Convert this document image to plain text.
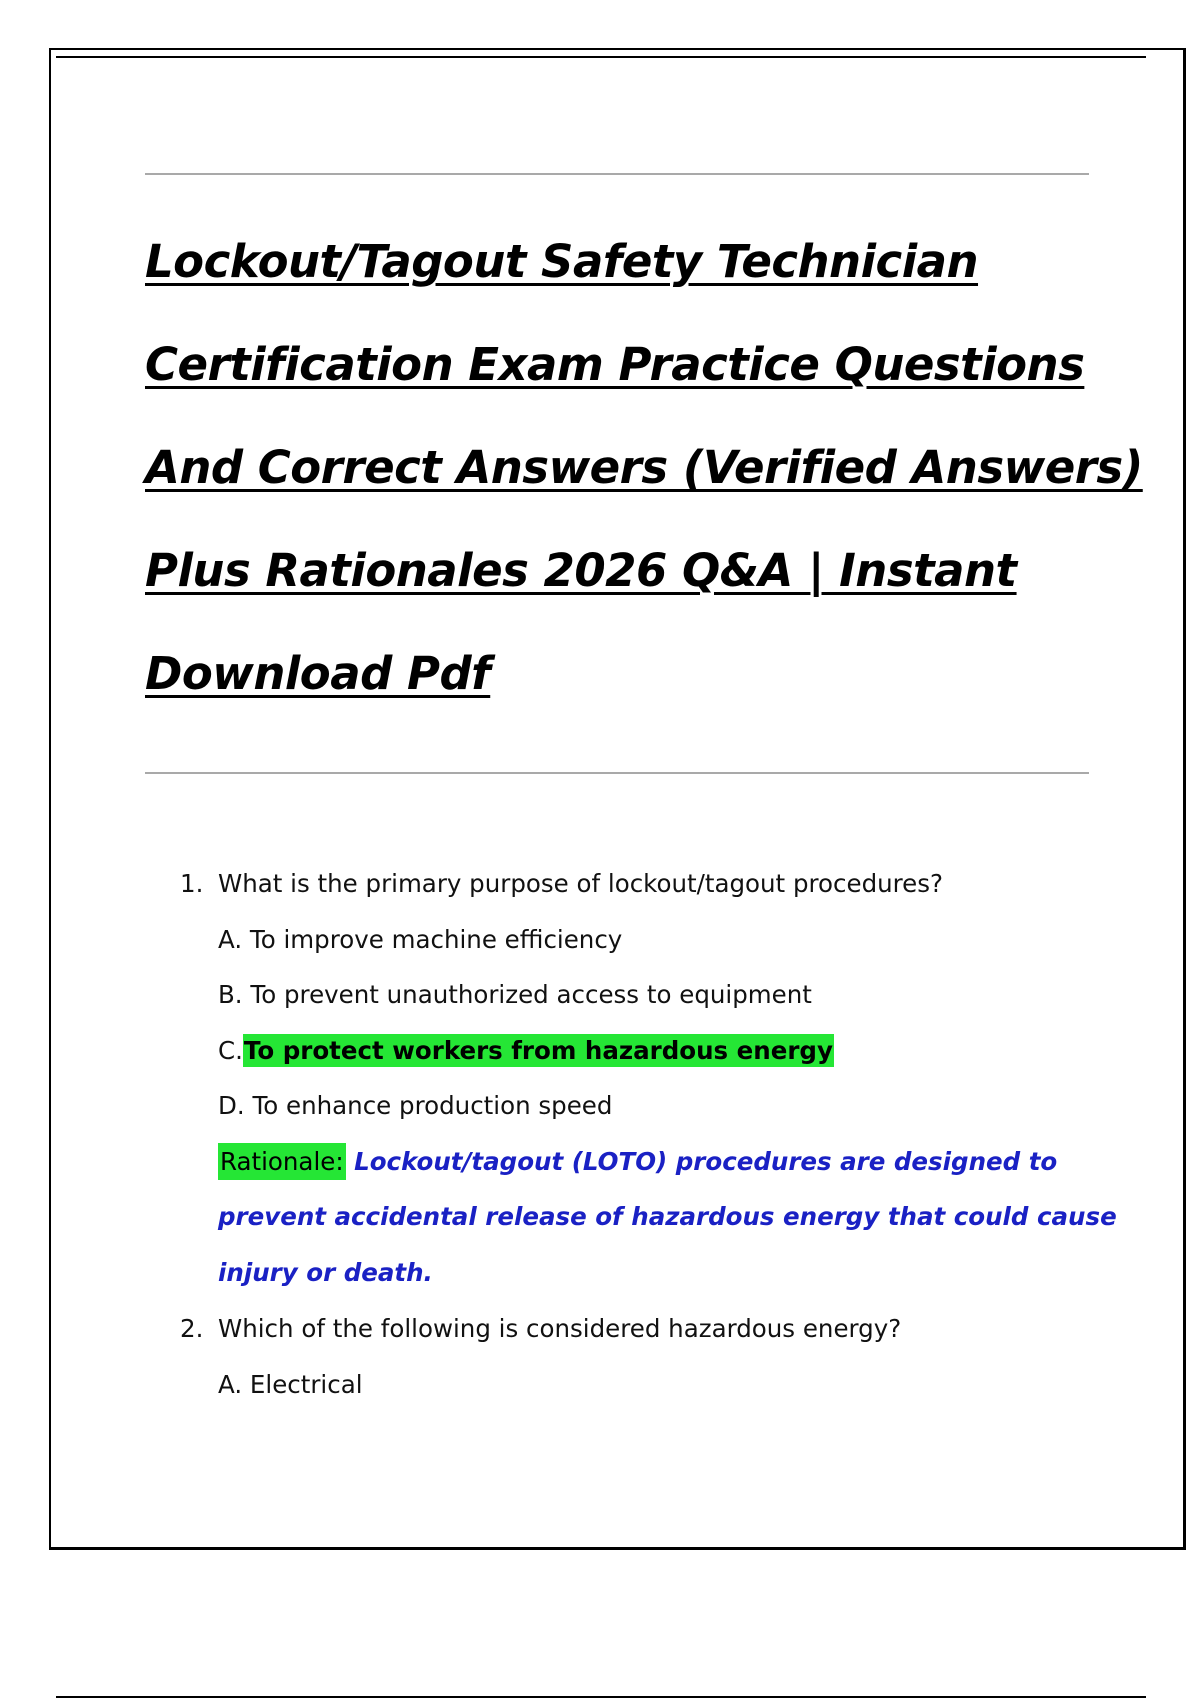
Lockout/Tagout Safety Technician
Certification Exam Practice Questions
And Correct Answers (Verified Answers)
Plus Rationales 2026 Q&A | Instant
Download Pdf
1. What is the primary purpose of lockout/tagout procedures?
A. To improve machine efficiency
B. To prevent unauthorized access to equipment
C.To protect workers from hazardous energy
D. To enhance production speed
Rationale: Lockout/tagout (LOTO) procedures are designed to
prevent accidental release of hazardous energy that could cause
injury or death.
2. Which of the following is considered hazardous energy?
A. Electrical
